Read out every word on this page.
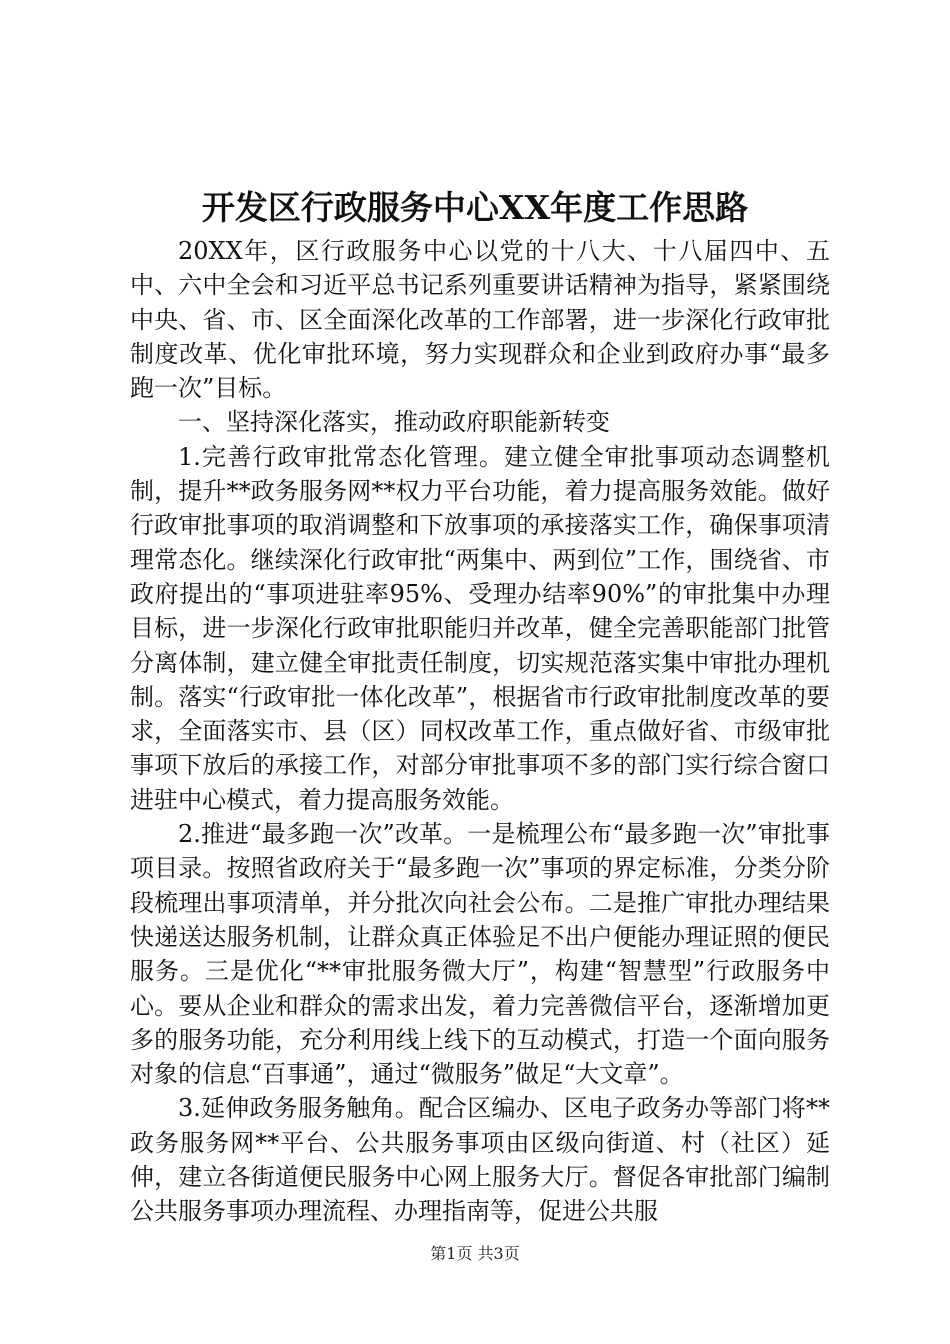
开发区行政服务中心XX年度工作思路

20XX年，区行政服务中心以党的十八大、十八届四中、五中、六中全会和习近平总书记系列重要讲话精神为指导，紧紧围绕中央、省、市、区全面深化改革的工作部署，进一步深化行政审批制度改革、优化审批环境，努力实现群众和企业到政府办事“最多跑一次”目标。

一、坚持深化落实，推动政府职能新转变

1.完善行政审批常态化管理。建立健全审批事项动态调整机制，提升**政务服务网**权力平台功能，着力提高服务效能。做好行政审批事项的取消调整和下放事项的承接落实工作，确保事项清理常态化。继续深化行政审批“两集中、两到位”工作，围绕省、市政府提出的“事项进驻率95%、受理办结率90%”的审批集中办理目标，进一步深化行政审批职能归并改革，健全完善职能部门批管分离体制，建立健全审批责任制度，切实规范落实集中审批办理机制。落实“行政审批一体化改革”，根据省市行政审批制度改革的要求，全面落实市、县（区）同权改革工作，重点做好省、市级审批事项下放后的承接工作，对部分审批事项不多的部门实行综合窗口进驻中心模式，着力提高服务效能。

2.推进“最多跑一次”改革。一是梳理公布“最多跑一次”审批事项目录。按照省政府关于“最多跑一次”事项的界定标准，分类分阶段梳理出事项清单，并分批次向社会公布。二是推广审批办理结果快递送达服务机制，让群众真正体验足不出户便能办理证照的便民服务。三是优化“**审批服务微大厅”，构建“智慧型”行政服务中心。要从企业和群众的需求出发，着力完善微信平台，逐渐增加更多的服务功能，充分利用线上线下的互动模式，打造一个面向服务对象的信息“百事通”，通过“微服务”做足“大文章”。

3.延伸政务服务触角。配合区编办、区电子政务办等部门将**政务服务网**平台、公共服务事项由区级向街道、村（社区）延伸，建立各街道便民服务中心网上服务大厅。督促各审批部门编制公共服务事项办理流程、办理指南等，促进公共服

第1页 共3页
